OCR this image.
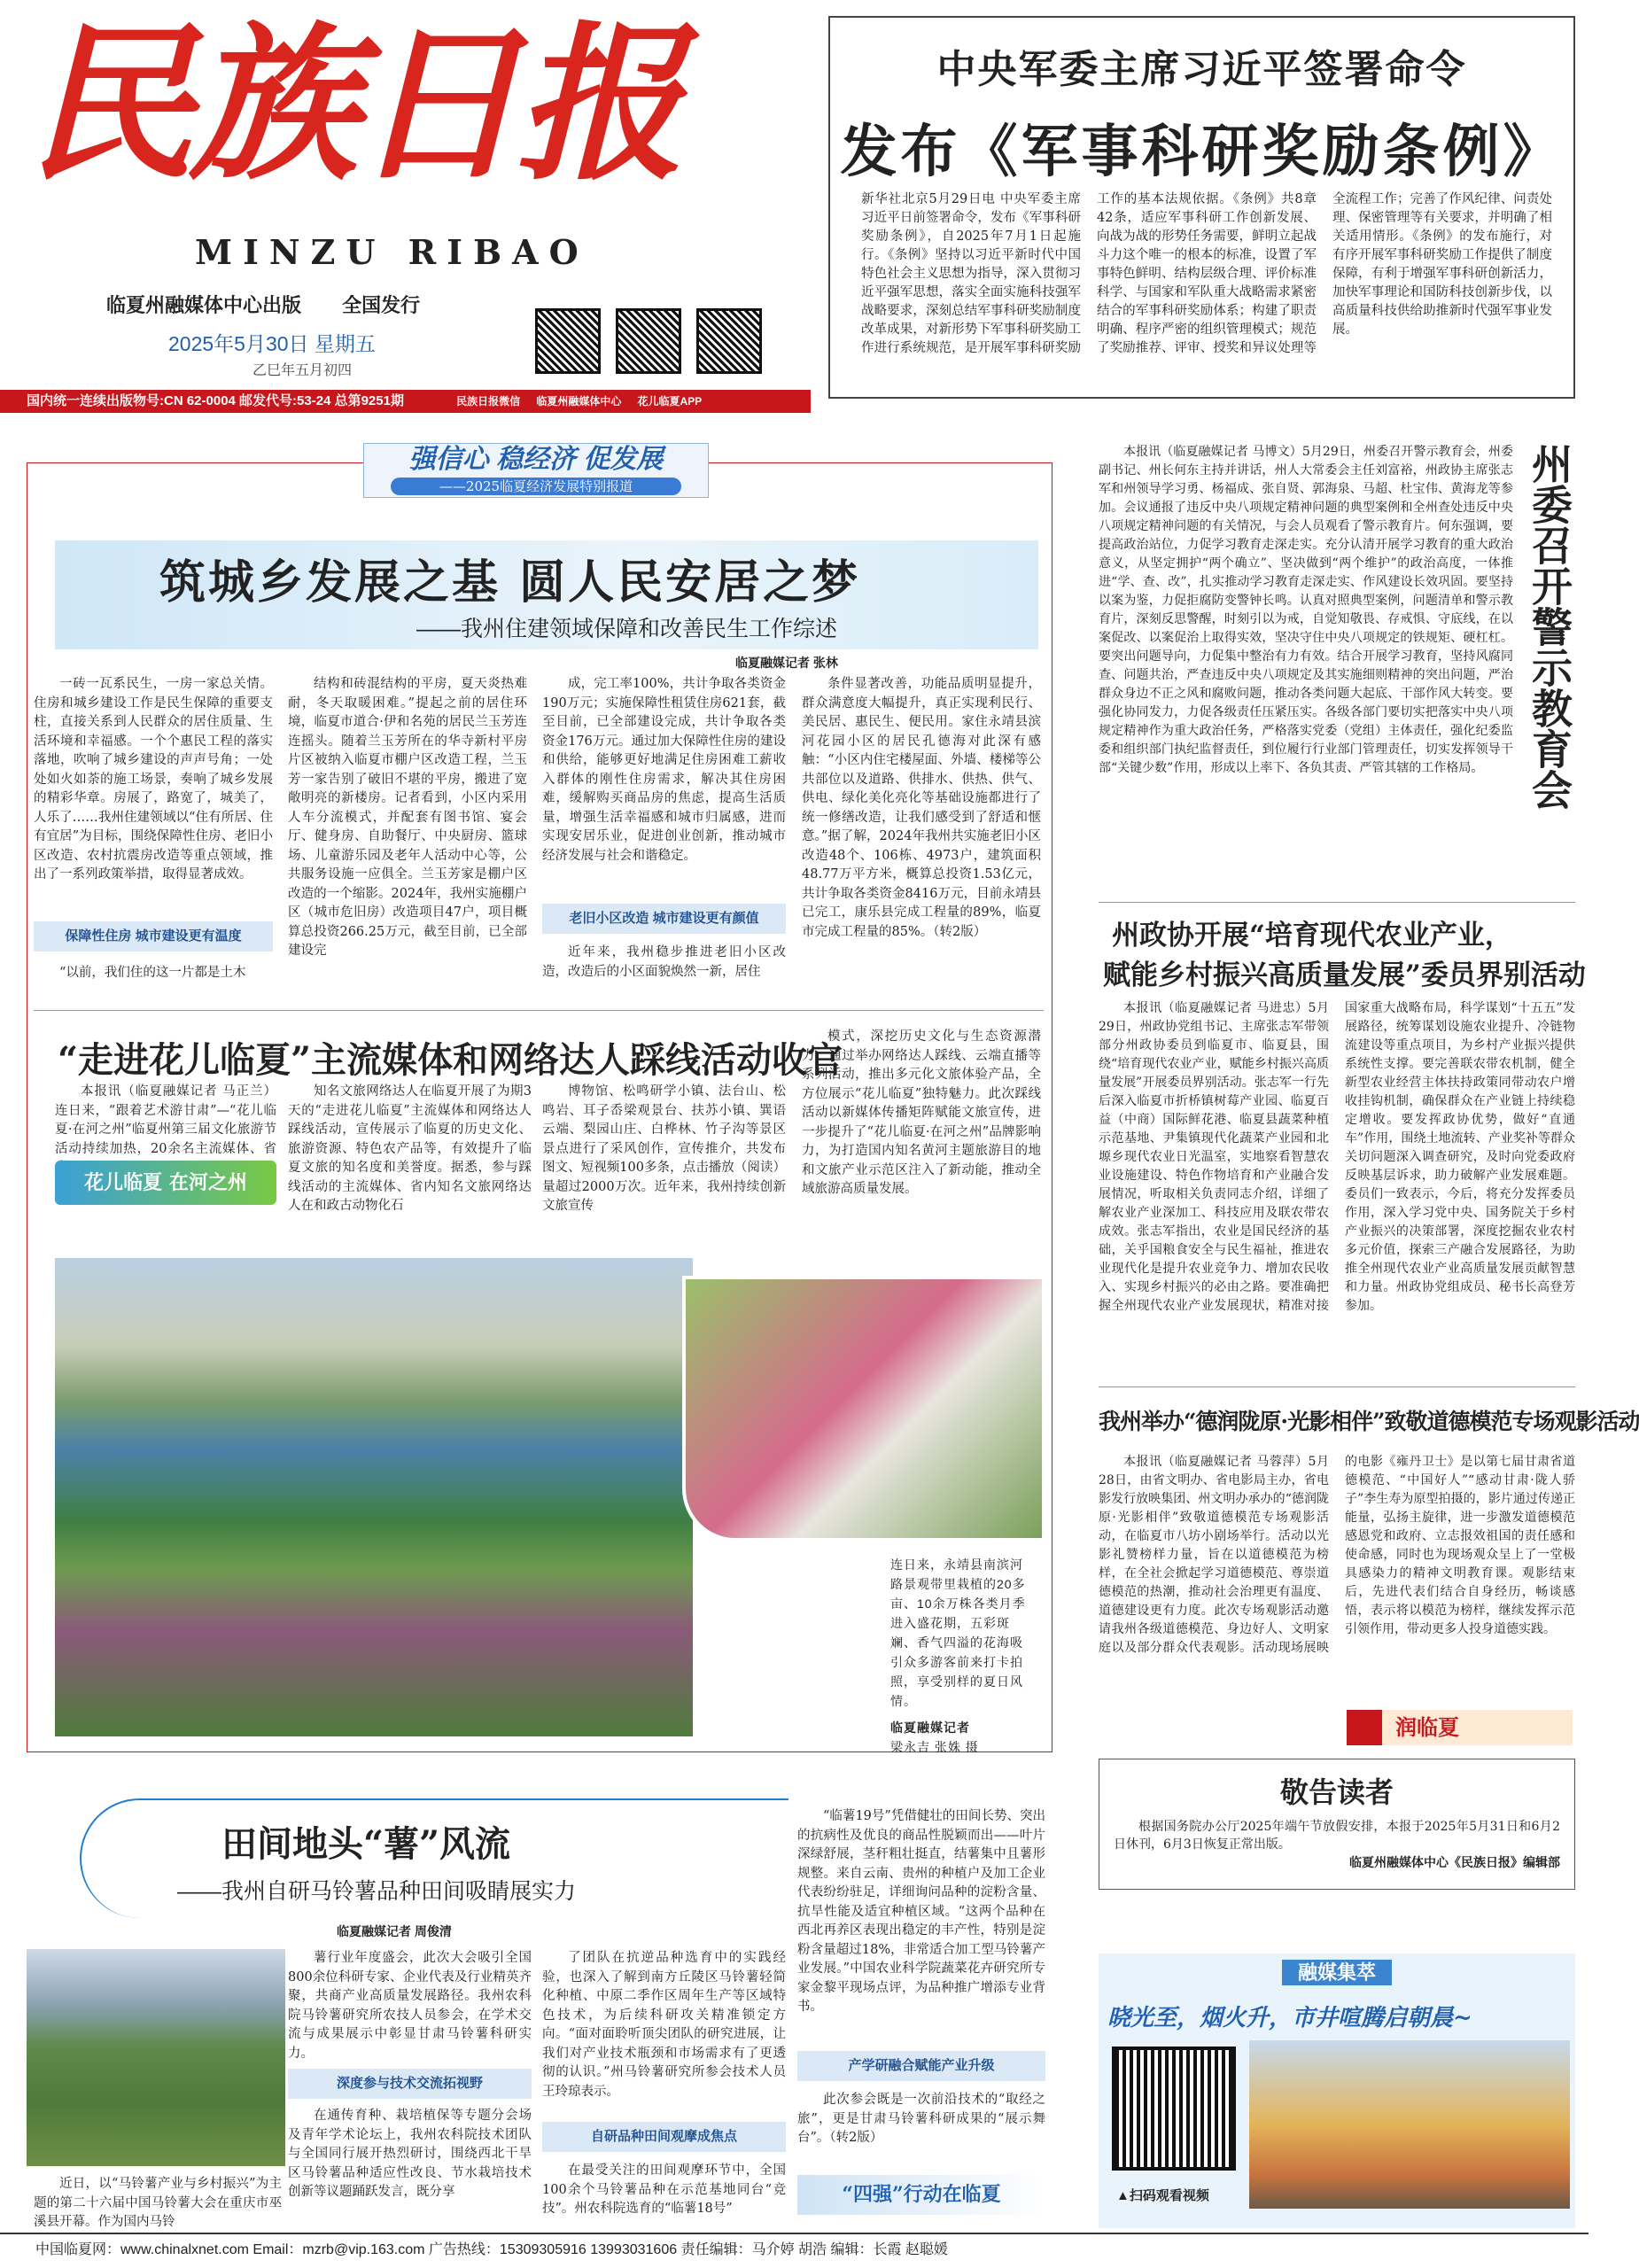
民族日报
MINZU RIBAO
临夏州融媒体中心出版 全国发行
2025年5月30日 星期五
乙巳年五月初四
国内统一连续出版物号:CN 62-0004 邮发代号:53-24 总第9251期	民族日报微信 临夏州融媒体中心 花儿临夏APP
中央军委主席习近平签署命令
发布《军事科研奖励条例》
新华社北京5月29日电 中央军委主席习近平日前签署命令，发布《军事科研奖励条例》，自2025年7月1日起施行。《条例》坚持以习近平新时代中国特色社会主义思想为指导，深入贯彻习近平强军思想，落实全面实施科技强军战略要求，深刻总结军事科研奖励制度改革成果，对新形势下军事科研奖励工作进行系统规范，是开展军事科研奖励工作的基本法规依据。《条例》共8章42条，适应军事科研工作创新发展、向战为战的形势任务需要，鲜明立起战斗力这个唯一的根本的标准，设置了军事特色鲜明、结构层级合理、评价标准科学、与国家和军队重大战略需求紧密结合的军事科研奖励体系；构建了职责明确、程序严密的组织管理模式；规范了奖励推荐、评审、授奖和异议处理等全流程工作；完善了作风纪律、问责处理、保密管理等有关要求，并明确了相关适用情形。《条例》的发布施行，对有序开展军事科研奖励工作提供了制度保障，有利于增强军事科研创新活力，加快军事理论和国防科技创新步伐，以高质量科技供给助推新时代强军事业发展。
强信心 稳经济 促发展
——2025临夏经济发展特别报道
筑城乡发展之基 圆人民安居之梦
——我州住建领域保障和改善民生工作综述
临夏融媒记者 张林

一砖一瓦系民生，一房一家总关情。住房和城乡建设工作是民生保障的重要支柱，直接关系到人民群众的居住质量、生活环境和幸福感。一个个惠民工程的落实落地，吹响了城乡建设的声声号角；一处处如火如荼的施工场景，奏响了城乡发展的精彩华章。房展了，路宽了，城美了，人乐了……我州住建领域以“住有所居、住有宜居”为目标，围绕保障性住房、老旧小区改造、农村抗震房改造等重点领域，推出了一系列政策举措，取得显著成效。

保障性住房 城市建设更有温度

“以前，我们住的这一片都是土木

结构和砖混结构的平房，夏天炎热难耐，冬天取暖困难。”提起之前的居住环境，临夏市道合·伊和名苑的居民兰玉芳连连摇头。随着兰玉芳所在的华寺新村平房片区被纳入临夏市棚户区改造工程，兰玉芳一家告别了破旧不堪的平房，搬进了宽敞明亮的新楼房。记者看到，小区内采用人车分流模式，并配套有图书馆、宴会厅、健身房、自助餐厅、中央厨房、篮球场、儿童游乐园及老年人活动中心等，公共服务设施一应俱全。兰玉芳家是棚户区改造的一个缩影。2024年，我州实施棚户区（城市危旧房）改造项目47户，项目概算总投资266.25万元，截至目前，已全部建设完

成，完工率100%，共计争取各类资金190万元；实施保障性租赁住房621套，截至目前，已全部建设完成，共计争取各类资金176万元。通过加大保障性住房的建设和供给，能够更好地满足住房困难工薪收入群体的刚性住房需求，解决其住房困难，缓解购买商品房的焦虑，提高生活质量，增强生活幸福感和城市归属感，进而实现安居乐业，促进创业创新，推动城市经济发展与社会和谐稳定。

老旧小区改造 城市建设更有颜值

近年来，我州稳步推进老旧小区改造，改造后的小区面貌焕然一新，居住

条件显著改善，功能品质明显提升，群众满意度大幅提升，真正实现利民行、美民居、惠民生、便民用。家住永靖县滨河花园小区的居民孔德海对此深有感触：“小区内住宅楼屋面、外墙、楼梯等公共部位以及道路、供排水、供热、供气、供电、绿化美化亮化等基础设施都进行了统一修缮改造，让我们感受到了舒适和惬意。”据了解，2024年我州共实施老旧小区改造48个、106栋、4973户，建筑面积48.77万平方米，概算总投资1.53亿元，共计争取各类资金8416万元，目前永靖县已完工，康乐县完成工程量的89%，临夏市完成工程量的85%。（转2版）

“走进花儿临夏”主流媒体和网络达人踩线活动收官

本报讯（临夏融媒记者 马正兰）连日来，“跟着艺术游甘肃”—“花儿临夏·在河之州”临夏州第三届文化旅游节活动持续加热，20余名主流媒体、省

花儿临夏 在河之州

知名文旅网络达人在临夏开展了为期3天的“走进花儿临夏”主流媒体和网络达人踩线活动，宣传展示了临夏的历史文化、旅游资源、特色农产品等，有效提升了临夏文旅的知名度和美誉度。据悉，参与踩线活动的主流媒体、省内知名文旅网络达人在和政古动物化石

博物馆、松鸣研学小镇、法台山、松鸣岩、耳子岙梁观景台、扶苏小镇、巽语云端、梨园山庄、白桦林、竹子沟等景区景点进行了采风创作，宣传推介，共发布图文、短视频100多条，点击播放（阅读）量超过2000万次。近年来，我州持续创新文旅宣传

模式，深挖历史文化与生态资源潜力，通过举办网络达人踩线、云端直播等系列活动，推出多元化文旅体验产品，全方位展示“花儿临夏”独特魅力。此次踩线活动以新媒体传播矩阵赋能文旅宣传，进一步提升了“花儿临夏·在河之州”品牌影响力，为打造国内知名黄河主题旅游目的地和文旅产业示范区注入了新动能，推动全域旅游高质量发展。

连日来，永靖县南滨河路景观带里栽植的20多亩、10余万株各类月季进入盛花期，五彩斑斓、香气四溢的花海吸引众多游客前来打卡拍照，享受别样的夏日风情。
临夏融媒记者
梁永吉 张姝 摄
田间地头“薯”风流
——我州自研马铃薯品种田间吸睛展实力
临夏融媒记者 周俊清

近日，以“马铃薯产业与乡村振兴”为主题的第二十六届中国马铃薯大会在重庆市巫溪县开幕。作为国内马铃

薯行业年度盛会，此次大会吸引全国800余位科研专家、企业代表及行业精英齐聚，共商产业高质量发展路径。我州农科院马铃薯研究所农技人员参会，在学术交流与成果展示中彰显甘肃马铃薯科研实力。

深度参与技术交流拓视野

在通传育种、栽培植保等专题分会场及青年学术论坛上，我州农科院技术团队与全国同行展开热烈研讨，围绕西北干旱区马铃薯品种适应性改良、节水栽培技术创新等议题踊跃发言，既分享

了团队在抗逆品种选育中的实践经验，也深入了解到南方丘陵区马铃薯轻简化种植、中原二季作区周年生产等区域特色技术，为后续科研攻关精准锁定方向。“面对面聆听顶尖团队的研究进展，让我们对产业技术瓶颈和市场需求有了更透彻的认识。”州马铃薯研究所参会技术人员王玲琼表示。

自研品种田间观摩成焦点

在最受关注的田间观摩环节中，全国100余个马铃薯品种在示范基地同台“竞技”。州农科院选育的“临薯18号”

“临薯19号”凭借健壮的田间长势、突出的抗病性及优良的商品性脱颖而出——叶片深绿舒展，茎秆粗壮挺直，结薯集中且薯形规整。来自云南、贵州的种植户及加工企业代表纷纷驻足，详细询问品种的淀粉含量、抗旱性能及适宜种植区域。“这两个品种在西北再养区表现出稳定的丰产性，特别是淀粉含量超过18%，非常适合加工型马铃薯产业发展。”中国农业科学院蔬菜花卉研究所专家金黎平现场点评，为品种推广增添专业背书。

产学研融合赋能产业升级

此次参会既是一次前沿技术的“取经之旅”，更是甘肃马铃薯科研成果的“展示舞台”。（转2版）

“四强”行动在临夏
州委召开警示教育会

本报讯（临夏融媒记者 马博文）5月29日，州委召开警示教育会，州委副书记、州长何东主持并讲话，州人大常委会主任刘富裕，州政协主席张志军和州领导学习勇、杨福成、张自贤、郭海泉、马超、杜宝伟、黄海龙等参加。会议通报了违反中央八项规定精神问题的典型案例和全州查处违反中央八项规定精神问题的有关情况，与会人员观看了警示教育片。何东强调，要提高政治站位，力促学习教育走深走实。充分认清开展学习教育的重大政治意义，从坚定拥护“两个确立”、坚决做到“两个维护”的政治高度，一体推进“学、查、改”，扎实推动学习教育走深走实、作风建设长效巩固。要坚持以案为鉴，力促拒腐防变警钟长鸣。认真对照典型案例，问题清单和警示教育片，深刻反思警醒，时刻引以为戒，自觉知敬畏、存戒惧、守底线，在以案促改、以案促治上取得实效，坚决守住中央八项规定的铁规矩、硬杠杠。要突出问题导向，力促集中整治有力有效。结合开展学习教育，坚持风腐同查、问题共治，严查违反中央八项规定及其实施细则精神的突出问题，严治群众身边不正之风和腐败问题，推动各类问题大起底、干部作风大转变。要强化协同发力，力促各级责任压紧压实。各级各部门要切实把落实中央八项规定精神作为重大政治任务，严格落实党委（党组）主体责任，强化纪委监委和组织部门执纪监督责任，到位履行行业部门管理责任，切实发挥领导干部“关键少数”作用，形成以上率下、各负其责、严管其辖的工作格局。

州政协开展“培育现代农业产业，
赋能乡村振兴高质量发展”委员界别活动

本报讯（临夏融媒记者 马进忠）5月29日，州政协党组书记、主席张志军带领部分州政协委员到临夏市、临夏县，围绕“培育现代农业产业，赋能乡村振兴高质量发展”开展委员界别活动。张志军一行先后深入临夏市折桥镇树莓产业园、临夏百益（中商）国际鲜花港、临夏县蔬菜种植示范基地、尹集镇现代化蔬菜产业园和北塬乡现代农业日光温室，实地察看智慧农业设施建设、特色作物培育和产业融合发展情况，听取相关负责同志介绍，详细了解农业产业深加工、科技应用及联农带农成效。张志军指出，农业是国民经济的基础，关乎国粮食安全与民生福祉，推进农业现代化是提升农业竞争力、增加农民收入、实现乡村振兴的必由之路。要准确把握全州现代农业产业发展现状，精准对接国家重大战略布局，科学谋划“十五五”发展路径，统筹谋划设施农业提升、冷链物流建设等重点项目，为乡村产业振兴提供系统性支撑。要完善联农带农机制，健全新型农业经营主体扶持政策同带动农户增收挂钩机制，确保群众在产业链上持续稳定增收。要发挥政协优势，做好“直通车”作用，围绕土地流转、产业奖补等群众关切问题深入调查研究，及时向党委政府反映基层诉求，助力破解产业发展难题。委员们一致表示，今后，将充分发挥委员作用，深入学习党中央、国务院关于乡村产业振兴的决策部署，深度挖掘农业农村多元价值，探索三产融合发展路径，为助推全州现代农业产业高质量发展贡献智慧和力量。州政协党组成员、秘书长高登芳参加。

我州举办“德润陇原·光影相伴”致敬道德模范专场观影活动

本报讯（临夏融媒记者 马蓉萍）5月28日，由省文明办、省电影局主办，省电影发行放映集团、州文明办承办的“德润陇原·光影相伴”致敬道德模范专场观影活动，在临夏市八坊小剧场举行。活动以光影礼赞榜样力量，旨在以道德模范为榜样，在全社会掀起学习道德模范、尊崇道德模范的热潮，推动社会治理更有温度、道德建设更有力度。此次专场观影活动邀请我州各级道德模范、身边好人、文明家庭以及部分群众代表观影。活动现场展映的电影《雍丹卫士》是以第七届甘肃省道德模范、“中国好人”“感动甘肃·陇人骄子”李生寿为原型拍摄的，影片通过传递正能量，弘扬主旋律，进一步激发道德模范感恩党和政府、立志报效祖国的责任感和使命感，同时也为现场观众呈上了一堂极具感染力的精神文明教育课。观影结束后，先进代表们结合自身经历，畅谈感悟，表示将以模范为榜样，继续发挥示范引领作用，带动更多人投身道德实践。

润临夏
敬告读者

根据国务院办公厅2025年端午节放假安排，本报于2025年5月31日和6月2日休刊，6月3日恢复正常出版。

临夏州融媒体中心《民族日报》编辑部
融媒集萃
晓光至，烟火升，市井喧腾启朝晨~
▲扫码观看视频
中国临夏网：www.chinalxnet.com Email：mzrb@vip.163.com 广告热线：15309305916 13993031606 责任编辑：马介婷 胡浩 编辑：长霞 赵聪媛
